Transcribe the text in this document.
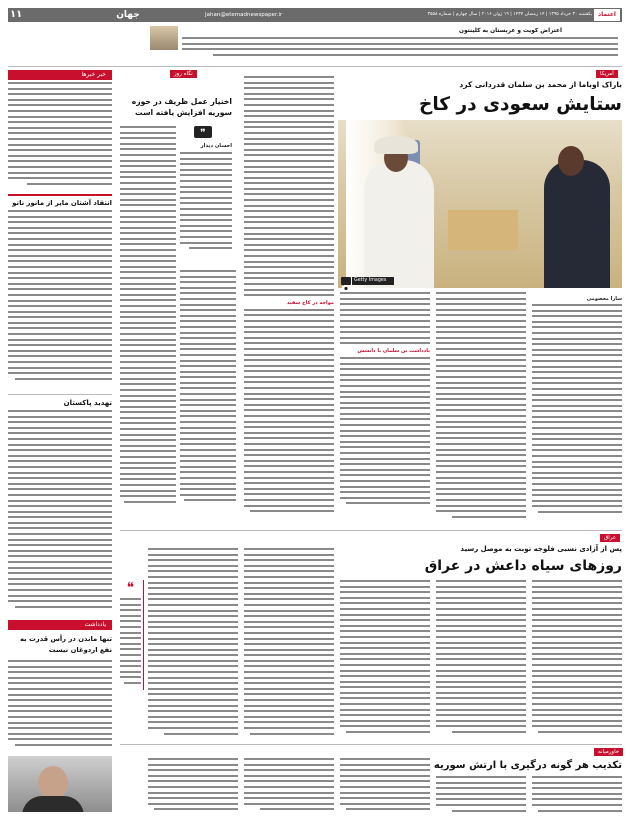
۱۱	جهان	Jahan@etemadnewspaper.ir	یکشنبه ۳۰ خرداد ۱۳۹۵ | ۱۴ رمضان ۱۴۳۷ | ۱۹ ژوئن ۲۰۱۶ | سال چهارم | شماره ۳۵۵۸	اعتماد
اعتراض کویت و عربستان به کلینتون
آمریکا
باراک اوباما از محمد بن سلمان قدردانی کرد
ستایش سعودی در کاخ
Getty Images
سارا معصومی
یادداشت بن سلمان با دانشش
مواجه در کاخ سفید
نگاه روز
اختیار عمل ظریف در حوزه سوریه افزایش یافته است
❞
احسان دیدار
خبر خبرها
انتقاد آشتان مایر از مانور ناتو
تهدید پاکستان
یادداشت
تنها ماندن در رأس قدرت به نفع اردوغان نیست
عراق
پس از آزادی نسبی فلوجه نوبت به موصل رسید
روزهای سیاه داعش در عراق
❝
خاورمیانه
تکذیب هر گونه درگیری با ارتش سوریه
